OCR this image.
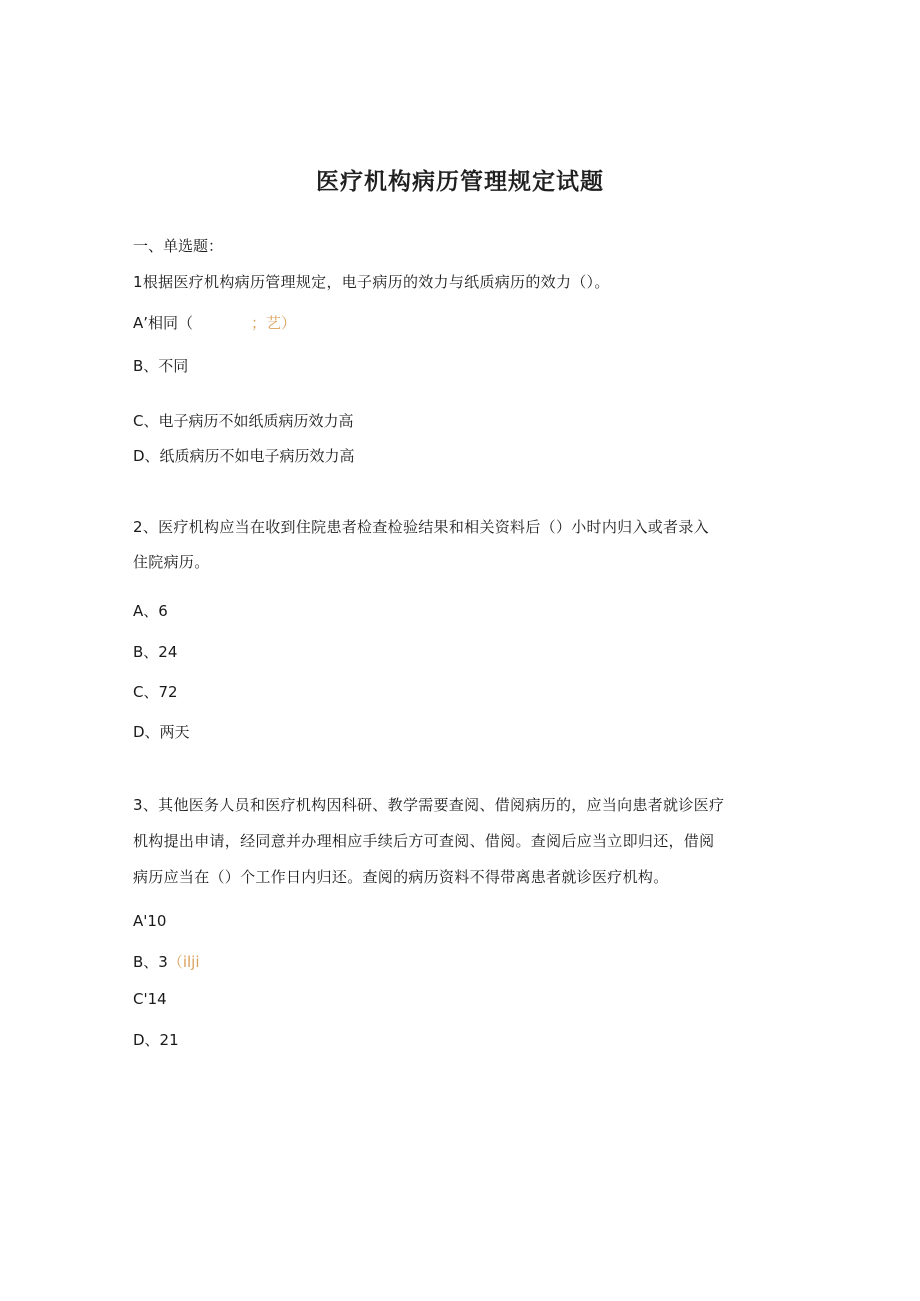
医疗机构病历管理规定试题
一、单选题：
1根据医疗机构病历管理规定，电子病历的效力与纸质病历的效力（）。
A’相同（	；艺）
B、不同
C、电子病历不如纸质病历效力高
D、纸质病历不如电子病历效力高
2、医疗机构应当在收到住院患者检查检验结果和相关资料后（）小时内归入或者录入
住院病历。
A、6
B、24
C、72
D、两天
3、其他医务人员和医疗机构因科研、教学需要查阅、借阅病历的，应当向患者就诊医疗
机构提出申请，经同意并办理相应手续后方可查阅、借阅。查阅后应当立即归还，借阅
病历应当在（）个工作日内归还。查阅的病历资料不得带离患者就诊医疗机构。
A'10
B、3（ilji
C'14
D、21
